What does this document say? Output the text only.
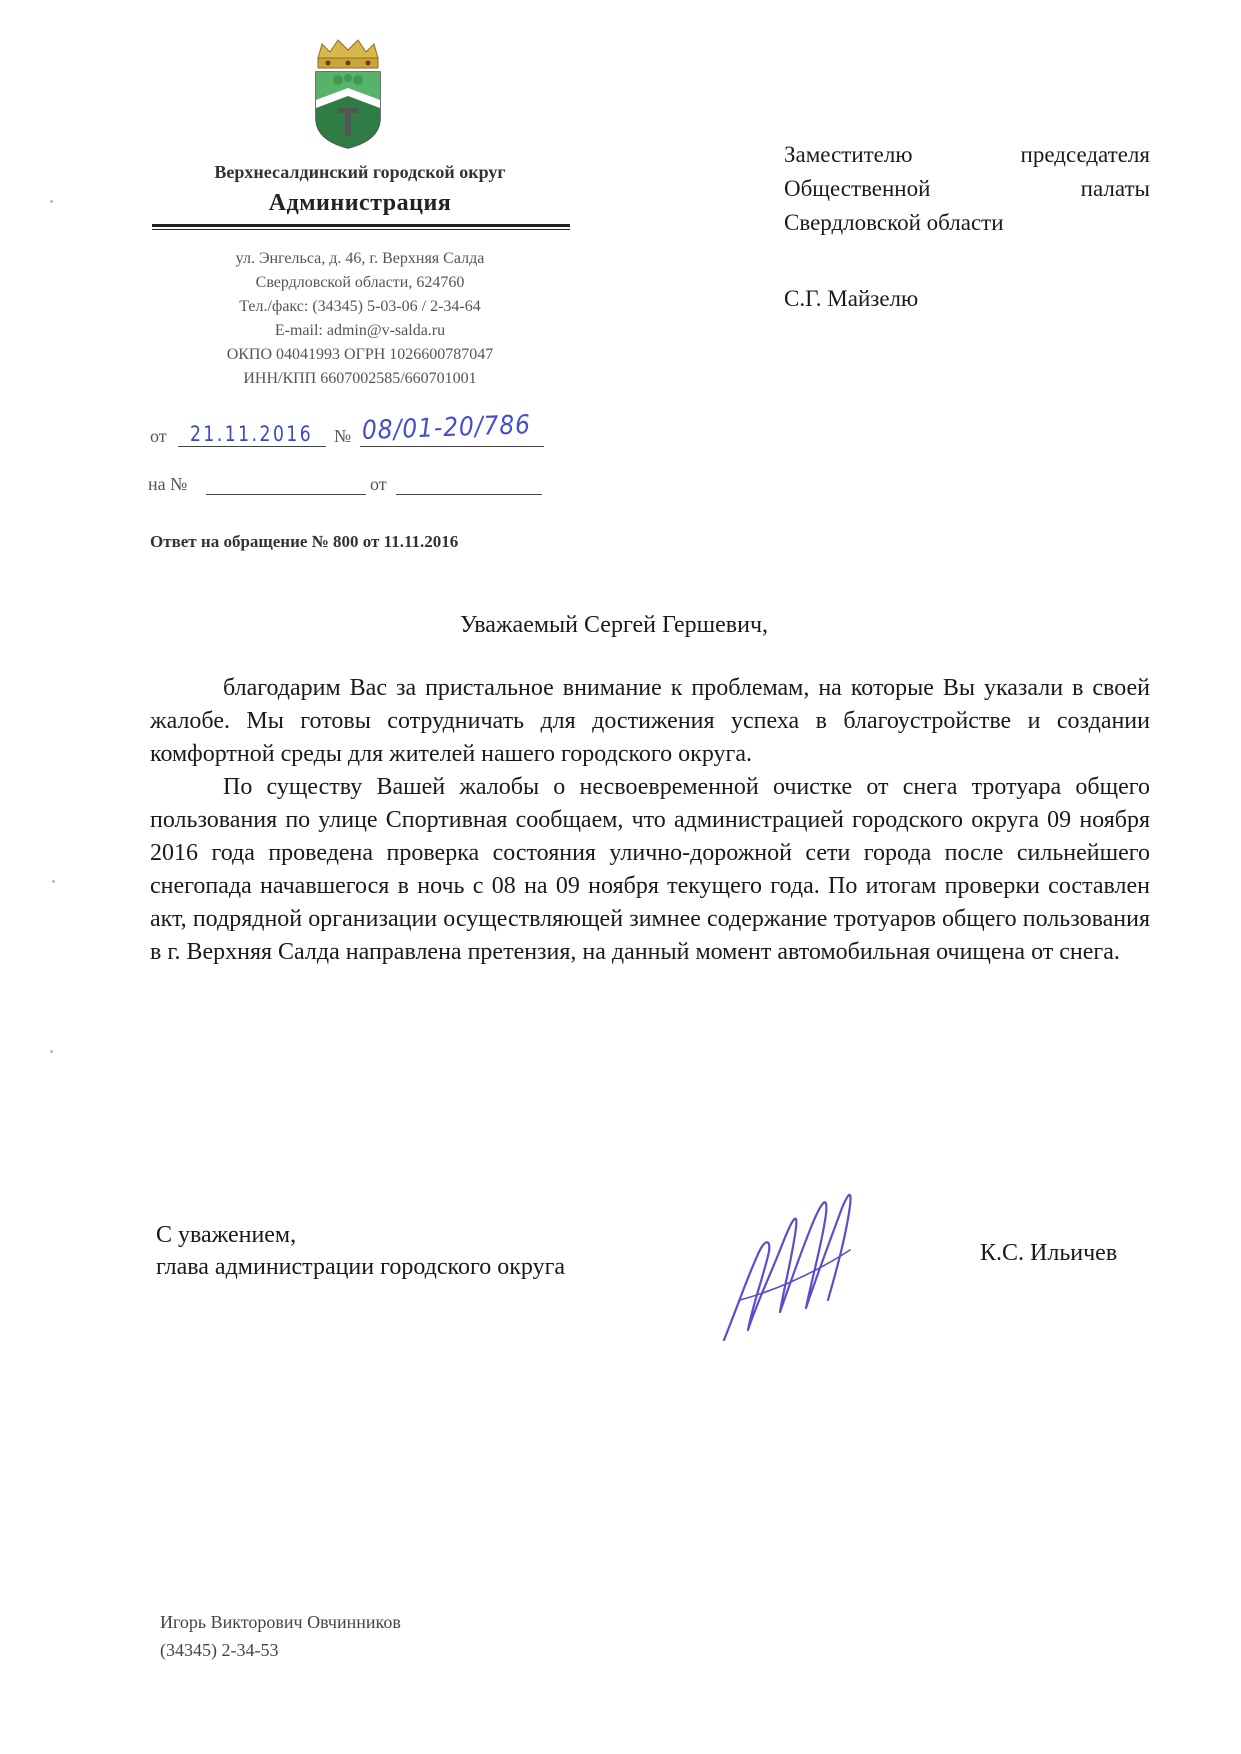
Верхнесалдинский городской округ
Администрация
ул. Энгельса, д. 46, г. Верхняя Салда
Свердловской области, 624760
Тел./факс: (34345) 5-03-06 / 2-34-64
E-mail: admin@v-salda.ru
ОКПО 04041993 ОГРН 1026600787047
ИНН/КПП 6607002585/660701001
от 21.11.2016 № 08/01-20/786
на №	от
Ответ на обращение № 800 от 11.11.2016
Заместителю	председателя
Общественной	палаты
Свердловской области
С.Г. Майзелю
Уважаемый Сергей Гершевич,

благодарим Вас за пристальное внимание к проблемам, на которые Вы указали в своей жалобе. Мы готовы сотрудничать для достижения успеха в благоустройстве и создании комфортной среды для жителей нашего городского округа.

По существу Вашей жалобы о несвоевременной очистке от снега тротуара общего пользования по улице Спортивная сообщаем, что администрацией городского округа 09 ноября 2016 года проведена проверка состояния улично-дорожной сети города после сильнейшего снегопада начавшегося в ночь с 08 на 09 ноября текущего года. По итогам проверки составлен акт, подрядной организации осуществляющей зимнее содержание тротуаров общего пользования в г. Верхняя Салда направлена претензия, на данный момент автомобильная очищена от снега.

С уважением,
глава администрации городского округа
К.С. Ильичев
Игорь Викторович Овчинников
(34345) 2-34-53
